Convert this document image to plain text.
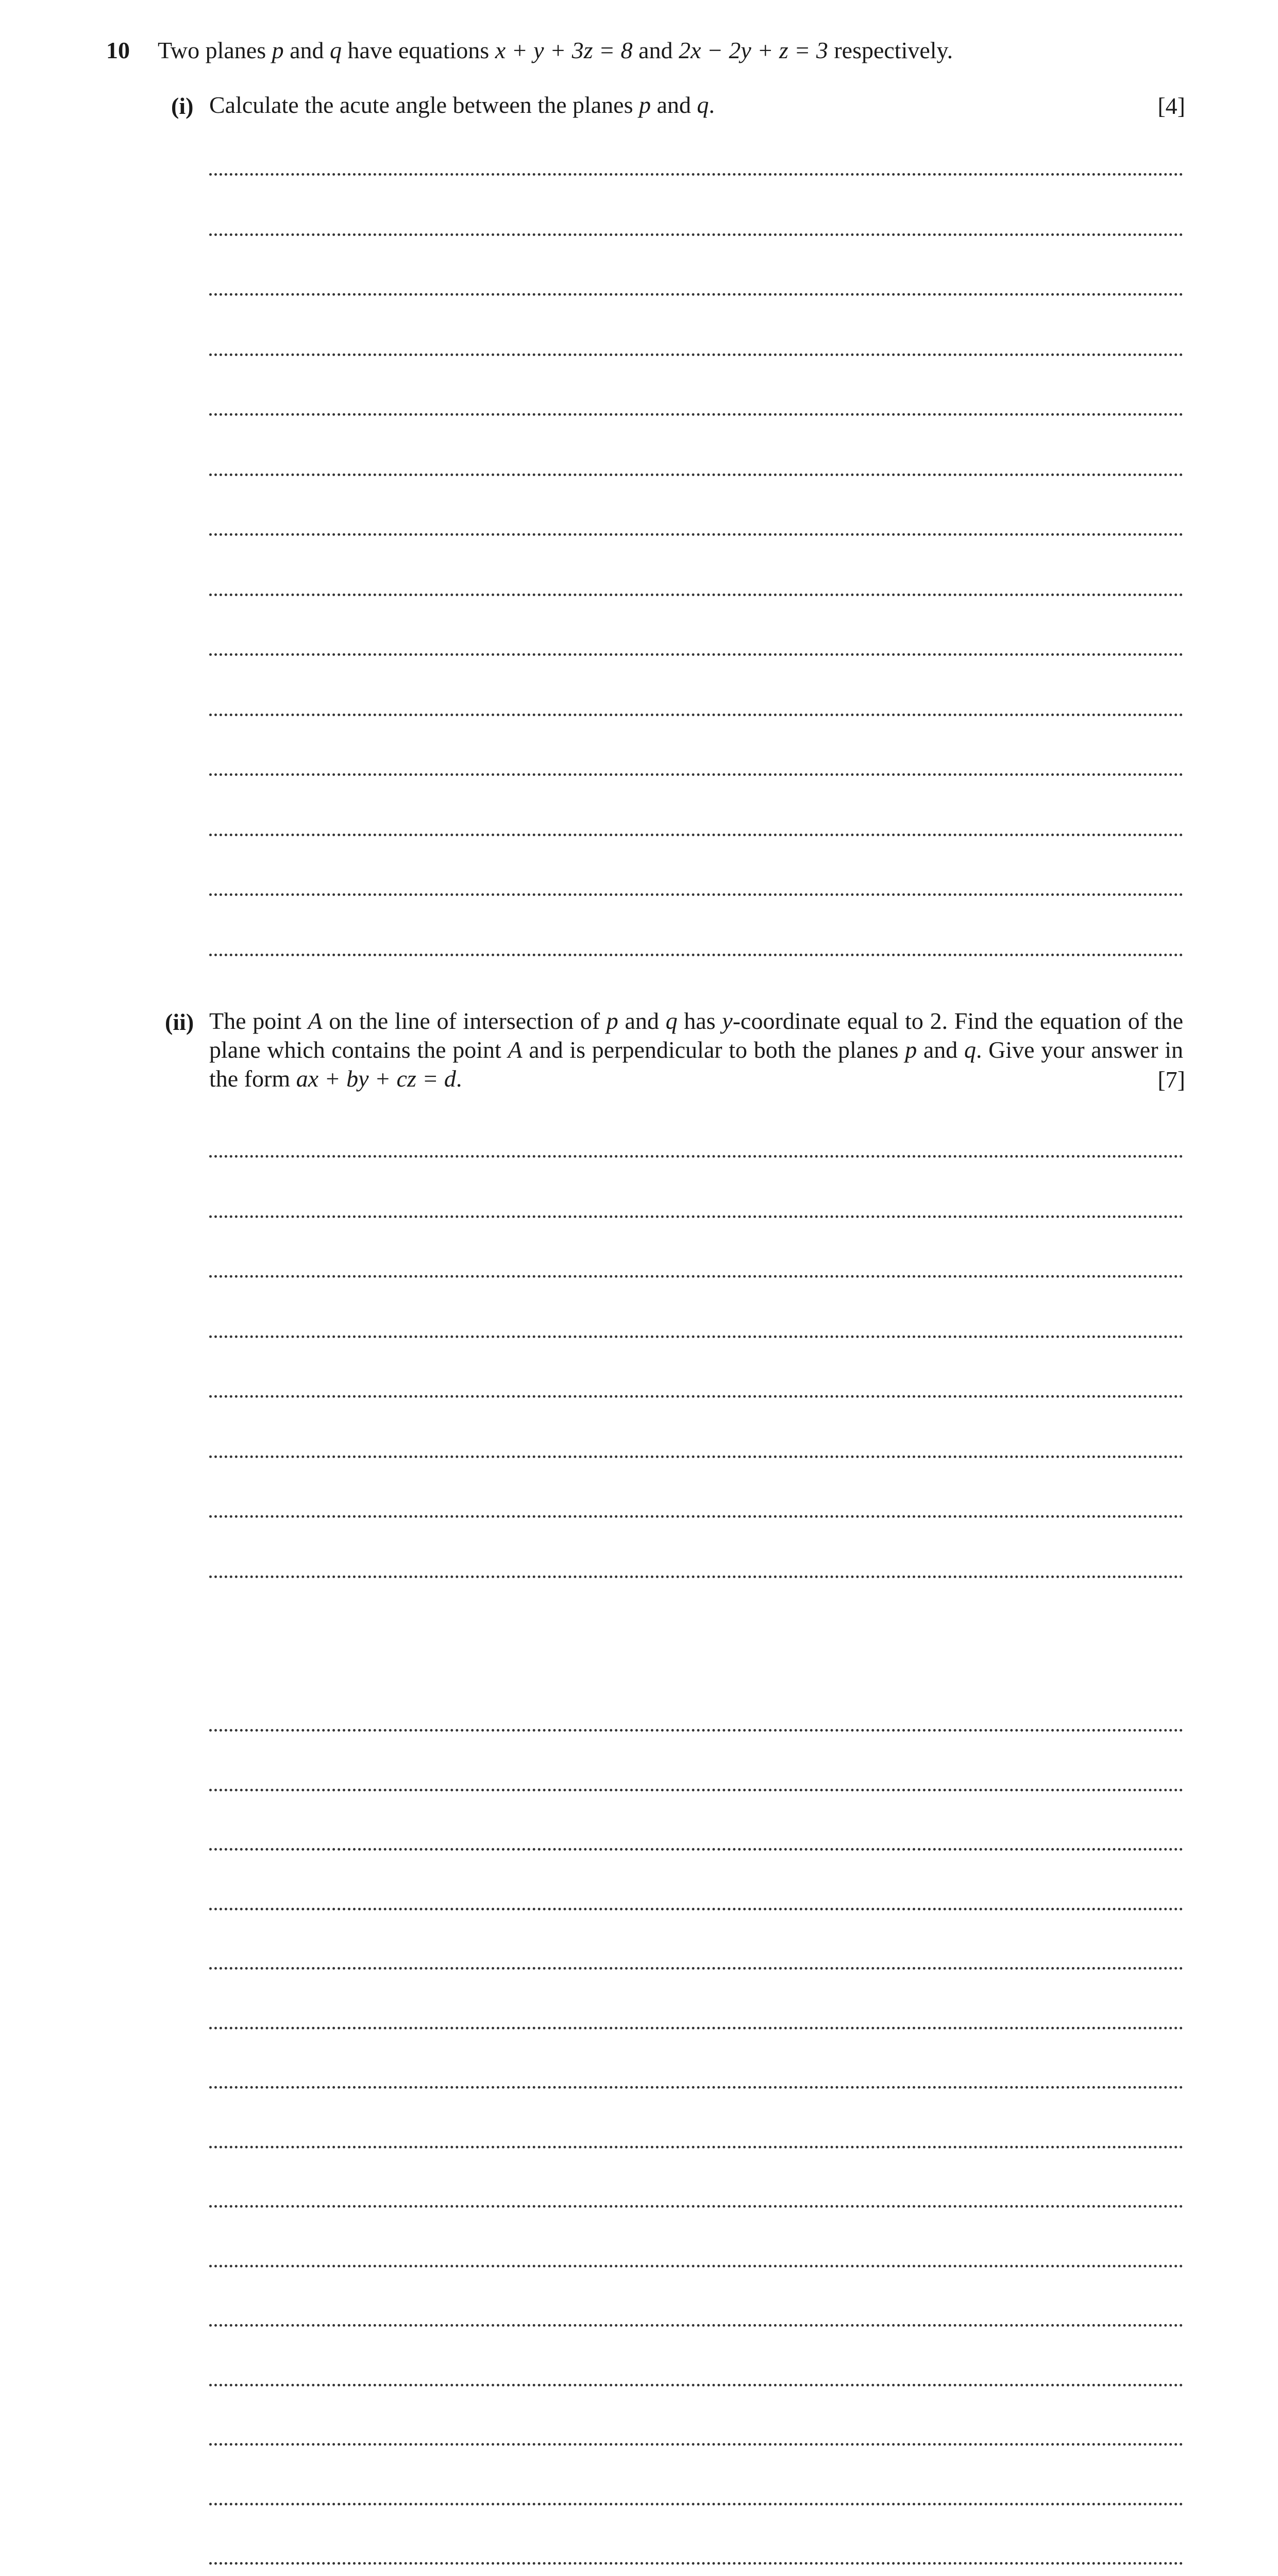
10 Two planes p and q have equations x + y + 3z = 8 and 2x − 2y + z = 3 respectively.
(i) Calculate the acute angle between the planes p and q.	[4]
(ii) The point A on the line of intersection of p and q has y-coordinate equal to 2. Find the equation of the plane which contains the point A and is perpendicular to both the planes p and q. Give your answer in the form ax + by + cz = d.	[7]
